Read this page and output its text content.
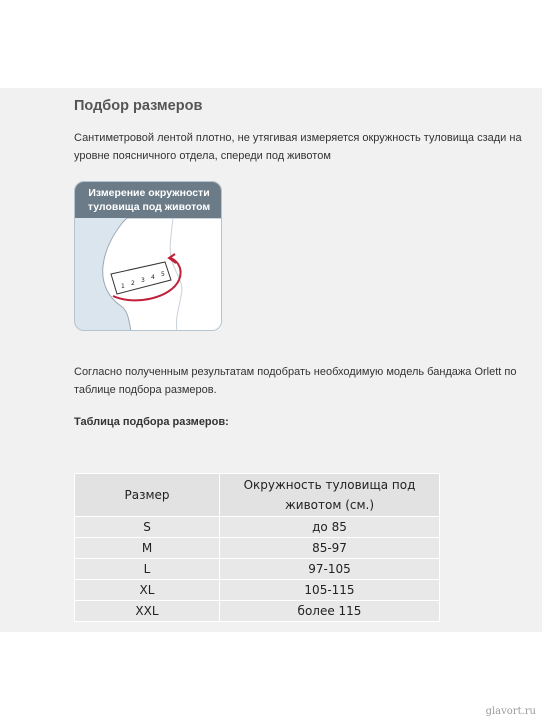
Подбор размеров
Сантиметровой лентой плотно, не утягивая измеряется окружность туловища сзади на уровне поясничного отдела, спереди под животом
Измерение окружности
туловища под животом
1 2 3 4 5
Согласно полученным результатам подобрать необходимую модель бандажа Orlett по таблице подбора размеров.
Таблица подбора размеров:
Размер	Окружность туловища под животом (см.)
S	до 85
M	85-97
L	97-105
XL	105-115
XXL	более 115
glavort.ru
